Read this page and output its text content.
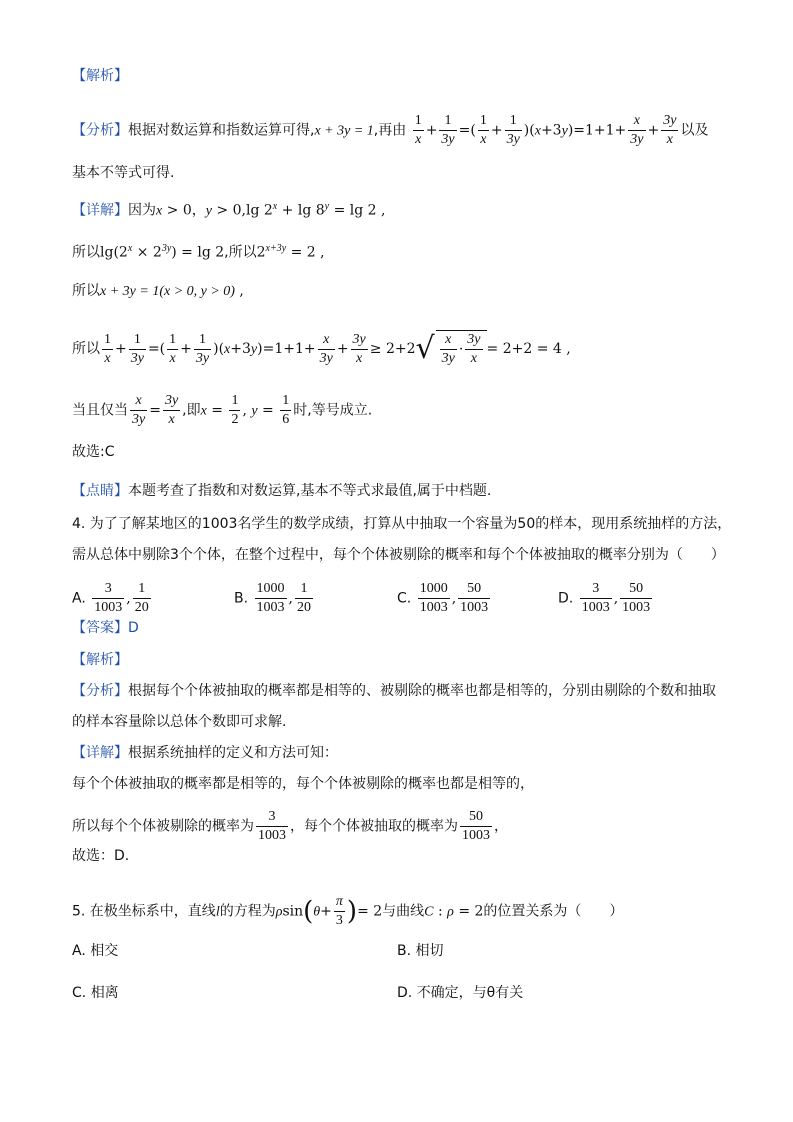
【解析】
【分析】根据对数运算和指数运算可得,x + 3y = 1,再由 $\frac{1}{x} + \frac{1}{3y}$ =( $\frac{1}{x} + \frac{1}{3y} )(x+3y)=1+1+ \frac{x}{3y} + \frac{3y}{x}$ 以及
基本不等式可得.
【详解】因为x > 0，y > 0,lg $2^x + \lg 8^y = \lg 2$ ,
所以$\lg(2^x \times 2^{3y}) = \lg 2$,所以$2^{x+3y} = 2$ ,
所以x + 3y = 1(x > 0, y > 0) ,
所以 $\frac{1}{x} + \frac{1}{3y}$ =( $\frac{1}{x} + \frac{1}{3y} )(x+3y)=1+1+ \frac{x}{3y} + \frac{3y}{x} \ge 2+2√ \frac{x}{3y} \cdot \frac{3y}{x} = 2+2 = 4$ ,
当且仅当 $\frac{x}{3y} = \frac{3y}{x}$ ,即$x = \frac{1}{2}$ , $y = \frac{1}{6}$ 时,等号成立.
故选:C
【点睛】本题考查了指数和对数运算,基本不等式求最值,属于中档题.
4. 为了了解某地区的1003名学生的数学成绩，打算从中抽取一个容量为50的样本，现用系统抽样的方法，
需从总体中剔除3个个体，在整个过程中，每个个体被剔除的概率和每个个体被抽取的概率分别为（　　）
A. $\frac{3}{1003}$ , $\frac{1}{20}$	B. $\frac{1000}{1003}$ , $\frac{1}{20}$	C. $\frac{1000}{1003}$ , $\frac{50}{1003}$	D. $\frac{3}{1003}$ , $\frac{50}{1003}$
【答案】D
【解析】
【分析】根据每个个体被抽取的概率都是相等的、被剔除的概率也都是相等的，分别由剔除的个数和抽取
的样本容量除以总体个数即可求解.
【详解】根据系统抽样的定义和方法可知：
每个个体被抽取的概率都是相等的，每个个体被剔除的概率也都是相等的，
所以每个个体被剔除的概率为 $\frac{3}{1003}$ ，每个个体被抽取的概率为 $\frac{50}{1003}$ ，
故选：D.
5. 在极坐标系中，直线l的方程为$\rho\sin(\theta+ \frac{\pi}{3}$ )= 2与曲线C : ρ = 2的位置关系为（　　）
A. 相交	B. 相切
C. 相离	D. 不确定，与θ有关
